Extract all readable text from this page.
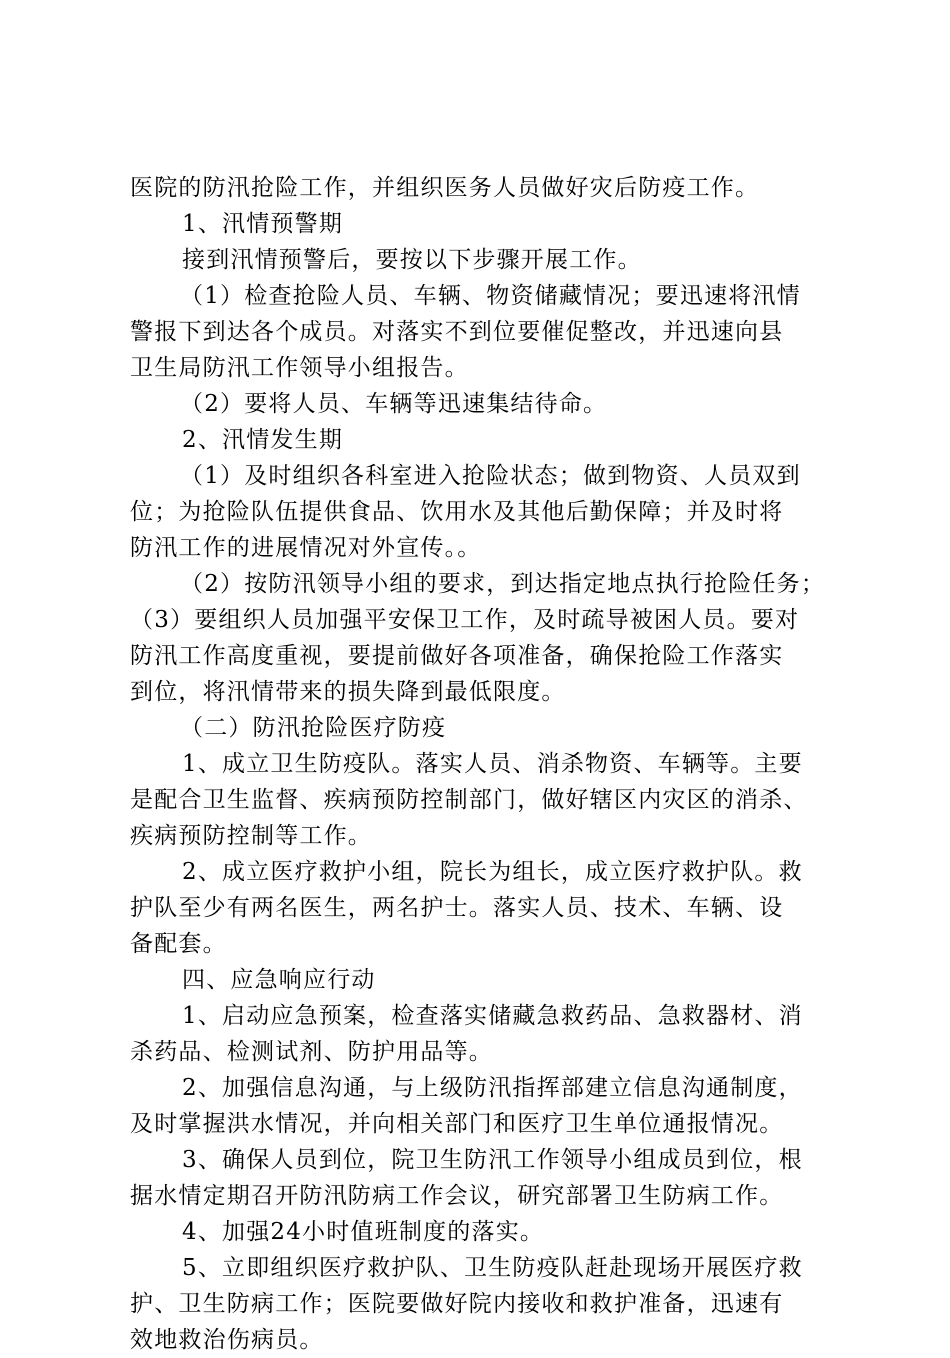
医院的防汛抢险工作，并组织医务人员做好灾后防疫工作。
1、汛情预警期
接到汛情预警后，要按以下步骤开展工作。
（1）检查抢险人员、车辆、物资储藏情况；要迅速将汛情
警报下到达各个成员。对落实不到位要催促整改，并迅速向县
卫生局防汛工作领导小组报告。
（2）要将人员、车辆等迅速集结待命。
2、汛情发生期
（1）及时组织各科室进入抢险状态；做到物资、人员双到
位；为抢险队伍提供食品、饮用水及其他后勤保障；并及时将
防汛工作的进展情况对外宣传。。
（2）按防汛领导小组的要求，到达指定地点执行抢险任务；
（3）要组织人员加强平安保卫工作，及时疏导被困人员。要对
防汛工作高度重视，要提前做好各项准备，确保抢险工作落实
到位，将汛情带来的损失降到最低限度。
（二）防汛抢险医疗防疫
1、成立卫生防疫队。落实人员、消杀物资、车辆等。主要
是配合卫生监督、疾病预防控制部门，做好辖区内灾区的消杀、
疾病预防控制等工作。
2、成立医疗救护小组，院长为组长，成立医疗救护队。救
护队至少有两名医生，两名护士。落实人员、技术、车辆、设
备配套。
四、应急响应行动
1、启动应急预案，检查落实储藏急救药品、急救器材、消
杀药品、检测试剂、防护用品等。
2、加强信息沟通，与上级防汛指挥部建立信息沟通制度，
及时掌握洪水情况，并向相关部门和医疗卫生单位通报情况。
3、确保人员到位，院卫生防汛工作领导小组成员到位，根
据水情定期召开防汛防病工作会议，研究部署卫生防病工作。
4、加强24小时值班制度的落实。
5、立即组织医疗救护队、卫生防疫队赶赴现场开展医疗救
护、卫生防病工作；医院要做好院内接收和救护准备，迅速有
效地救治伤病员。
